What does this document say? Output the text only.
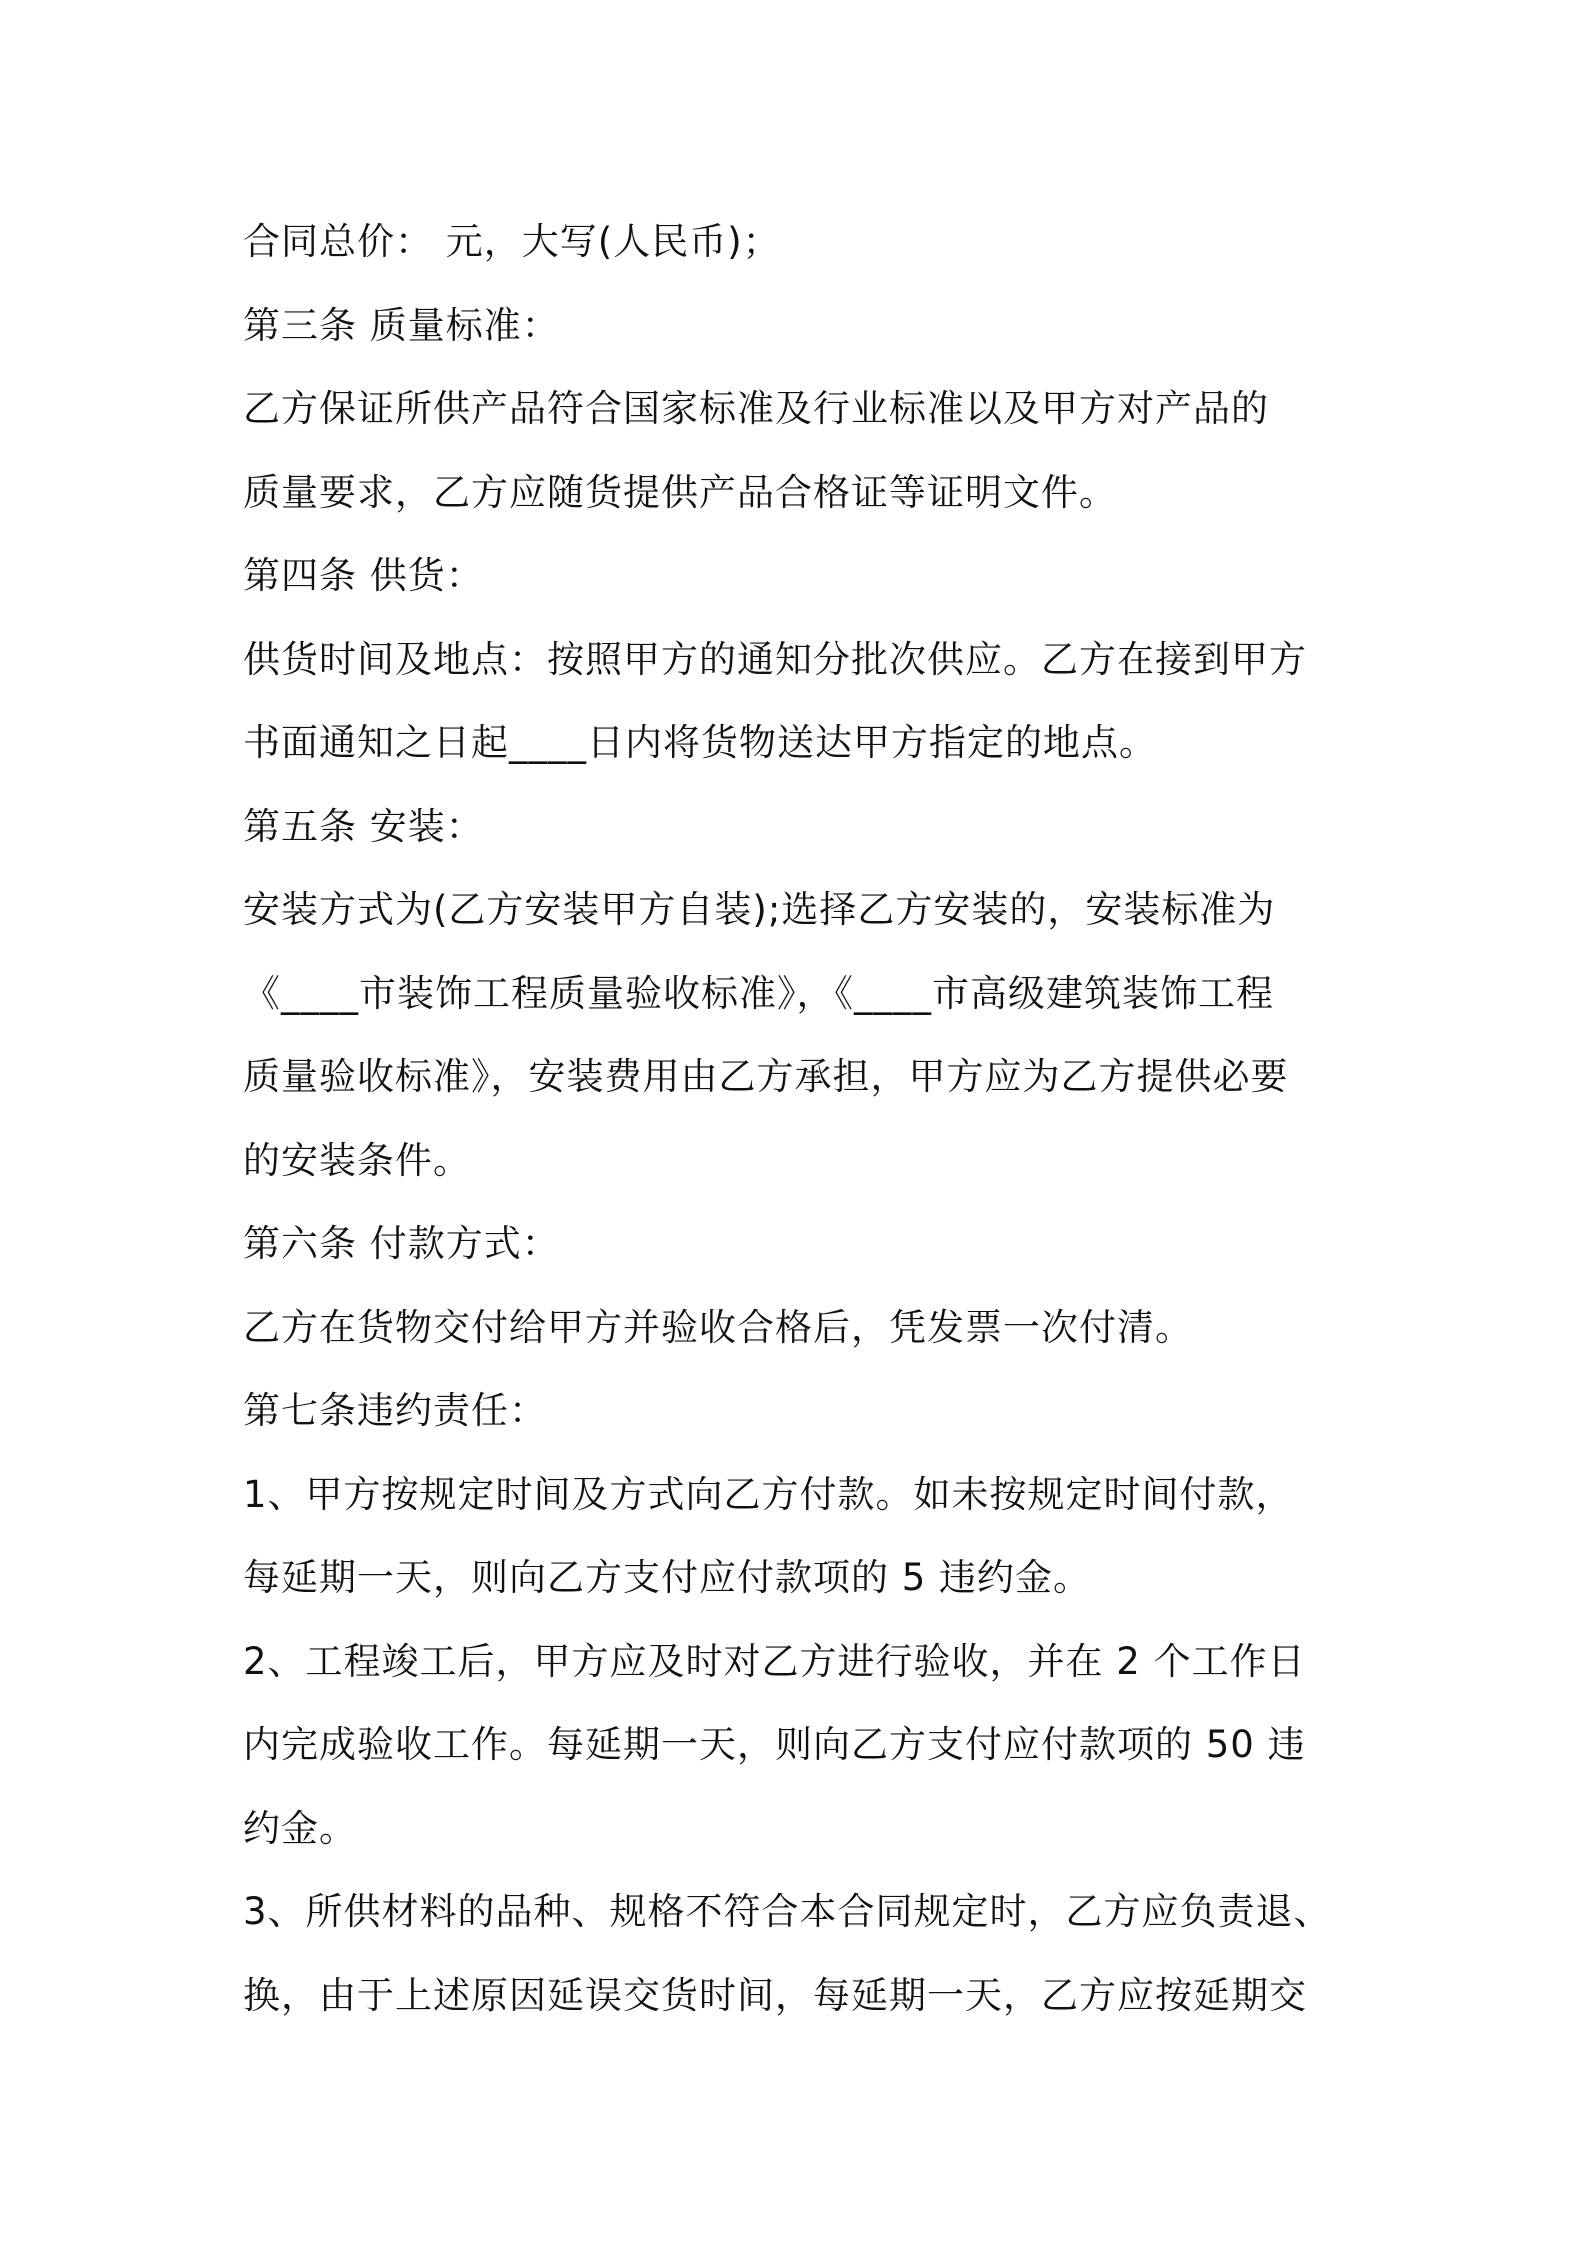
合同总价： 元，大写(人民币)；
第三条 质量标准：
乙方保证所供产品符合国家标准及行业标准以及甲方对产品的
质量要求，乙方应随货提供产品合格证等证明文件。
第四条 供货：
供货时间及地点：按照甲方的通知分批次供应。乙方在接到甲方
书面通知之日起____日内将货物送达甲方指定的地点。
第五条 安装：
安装方式为(乙方安装甲方自装);选择乙方安装的，安装标准为
《____市装饰工程质量验收标准》，《____市高级建筑装饰工程
质量验收标准》，安装费用由乙方承担，甲方应为乙方提供必要
的安装条件。
第六条 付款方式：
乙方在货物交付给甲方并验收合格后，凭发票一次付清。
第七条违约责任：
1、甲方按规定时间及方式向乙方付款。如未按规定时间付款，
每延期一天，则向乙方支付应付款项的 5 违约金。
2、工程竣工后，甲方应及时对乙方进行验收，并在 2 个工作日
内完成验收工作。每延期一天，则向乙方支付应付款项的 50 违
约金。
3、所供材料的品种、规格不符合本合同规定时，乙方应负责退、
换，由于上述原因延误交货时间，每延期一天，乙方应按延期交
